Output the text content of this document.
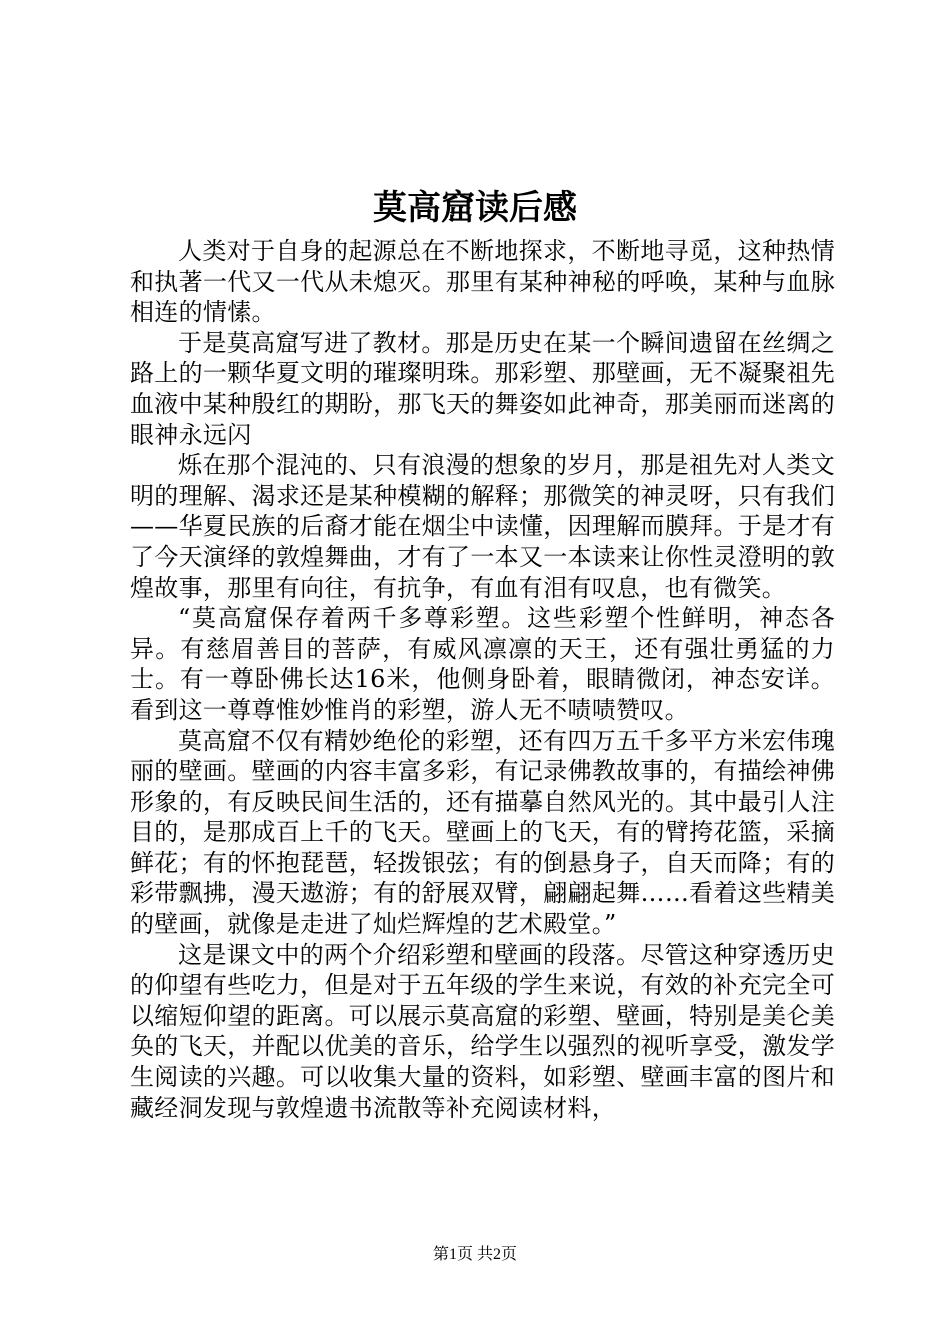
莫高窟读后感

人类对于自身的起源总在不断地探求，不断地寻觅，这种热情和执著一代又一代从未熄灭。那里有某种神秘的呼唤，某种与血脉相连的情愫。

于是莫高窟写进了教材。那是历史在某一个瞬间遗留在丝绸之路上的一颗华夏文明的璀璨明珠。那彩塑、那壁画，无不凝聚祖先血液中某种殷红的期盼，那飞天的舞姿如此神奇，那美丽而迷离的眼神永远闪

烁在那个混沌的、只有浪漫的想象的岁月，那是祖先对人类文明的理解、渴求还是某种模糊的解释；那微笑的神灵呀，只有我们——华夏民族的后裔才能在烟尘中读懂，因理解而膜拜。于是才有了今天演绎的敦煌舞曲，才有了一本又一本读来让你性灵澄明的敦煌故事，那里有向往，有抗争，有血有泪有叹息，也有微笑。

“莫高窟保存着两千多尊彩塑。这些彩塑个性鲜明，神态各异。有慈眉善目的菩萨，有威风凛凛的天王，还有强壮勇猛的力士。有一尊卧佛长达16米，他侧身卧着，眼睛微闭，神态安详。看到这一尊尊惟妙惟肖的彩塑，游人无不啧啧赞叹。

莫高窟不仅有精妙绝伦的彩塑，还有四万五千多平方米宏伟瑰丽的壁画。壁画的内容丰富多彩，有记录佛教故事的，有描绘神佛形象的，有反映民间生活的，还有描摹自然风光的。其中最引人注目的，是那成百上千的飞天。壁画上的飞天，有的臂挎花篮，采摘鲜花；有的怀抱琵琶，轻拨银弦；有的倒悬身子，自天而降；有的彩带飘拂，漫天遨游；有的舒展双臂，翩翩起舞……看着这些精美的壁画，就像是走进了灿烂辉煌的艺术殿堂。”

这是课文中的两个介绍彩塑和壁画的段落。尽管这种穿透历史的仰望有些吃力，但是对于五年级的学生来说，有效的补充完全可以缩短仰望的距离。可以展示莫高窟的彩塑、壁画，特别是美仑美奂的飞天，并配以优美的音乐，给学生以强烈的视听享受，激发学生阅读的兴趣。可以收集大量的资料，如彩塑、壁画丰富的图片和藏经洞发现与敦煌遗书流散等补充阅读材料，

第1页 共2页
